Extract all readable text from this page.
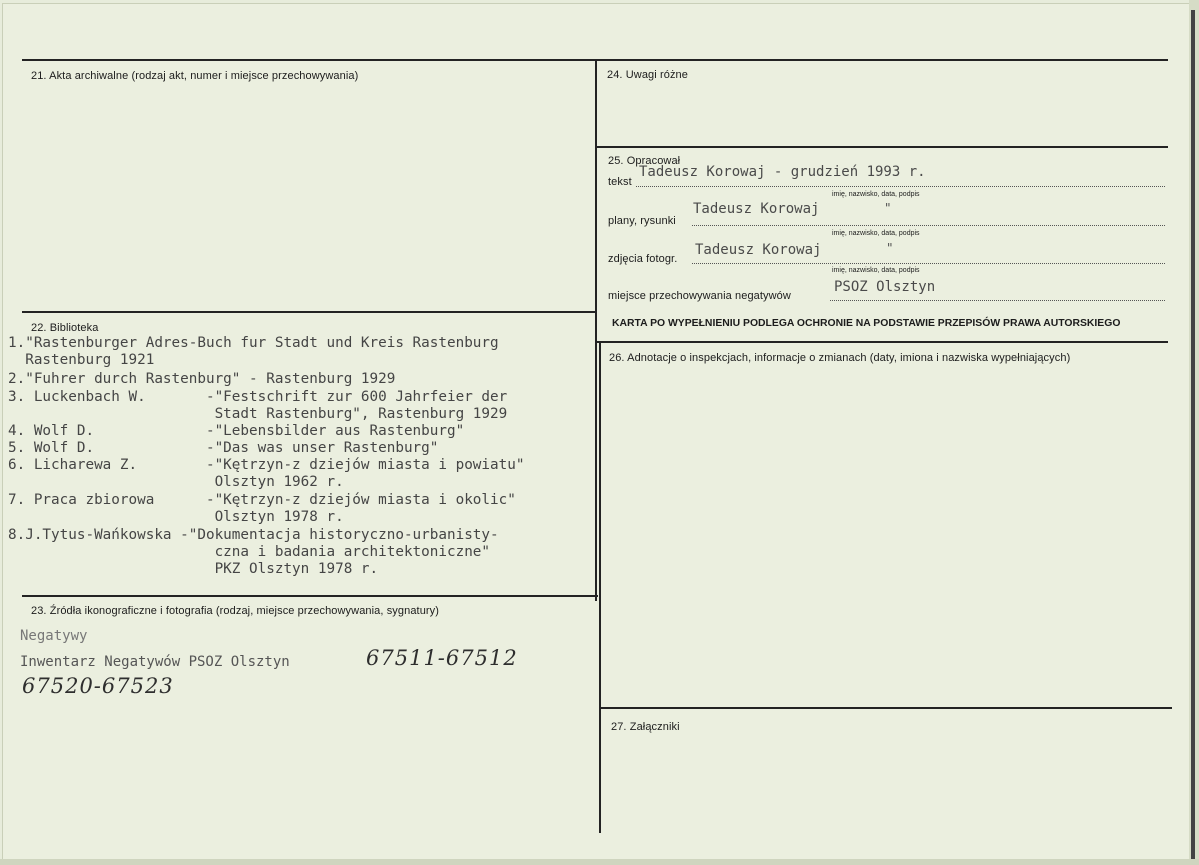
21. Akta archiwalne (rodzaj akt, numer i miejsce przechowywania)
22. Biblioteka
1."Rastenburger Adres-Buch fur Stadt und Kreis Rastenburg
Rastenburg 1921
2."Fuhrer durch Rastenburg" - Rastenburg 1929
3. Luckenbach W.       -"Festschrift zur 600 Jahrfeier der
Stadt Rastenburg", Rastenburg 1929
4. Wolf D.             -"Lebensbilder aus Rastenburg"
5. Wolf D.             -"Das was unser Rastenburg"
6. Licharewa Z.        -"Kętrzyn-z dziejów miasta i powiatu"
Olsztyn 1962 r.
7. Praca zbiorowa      -"Kętrzyn-z dziejów miasta i okolic"
Olsztyn 1978 r.
8.J.Tytus-Wańkowska -"Dokumentacja historyczno-urbanisty-
czna i badania architektoniczne"
PKZ Olsztyn 1978 r.
23. Źródła ikonograficzne i fotografia (rodzaj, miejsce przechowywania, sygnatury)
Negatywy
Inwentarz Negatywów PSOZ Olsztyn	67511-67512
67520-67523
24. Uwagi różne
25. Opracował
tekst
Tadeusz Korowaj - grudzień 1993 r.
imię, nazwisko, data, podpis
plany, rysunki
Tadeusz Korowaj	"
imię, nazwisko, data, podpis
zdjęcia fotogr.
Tadeusz Korowaj	"
imię, nazwisko, data, podpis
miejsce przechowywania negatywów
PSOZ Olsztyn
KARTA PO WYPEŁNIENIU PODLEGA OCHRONIE NA PODSTAWIE PRZEPISÓW PRAWA AUTORSKIEGO
26. Adnotacje o inspekcjach, informacje o zmianach (daty, imiona i nazwiska wypełniających)
27. Załączniki
